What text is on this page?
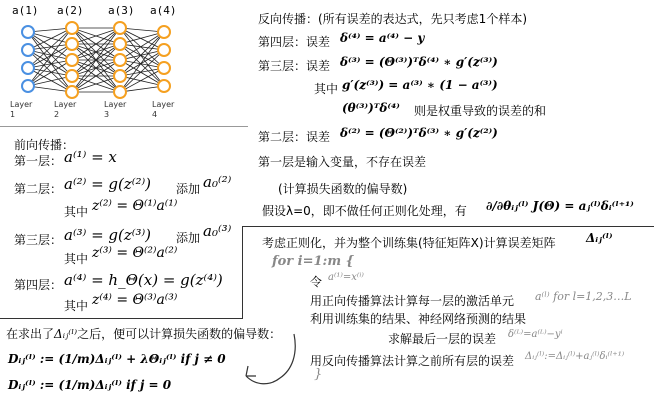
a(1) a(2) a(3) a(4)
Layer
1
Layer
2
Layer
3
Layer
4
前向传播：
第一层： a⁽¹⁾ = x
第二层： a⁽²⁾ = g(z⁽²⁾) 添加 a₀⁽²⁾
其中 z⁽²⁾ = Θ⁽¹⁾a⁽¹⁾
第三层： a⁽³⁾ = g(z⁽³⁾) 添加 a₀⁽³⁾
其中 z⁽³⁾ = Θ⁽²⁾a⁽²⁾
第四层： a⁽⁴⁾ = h_Θ(x) = g(z⁽⁴⁾)
其中 z⁽⁴⁾ = Θ⁽³⁾a⁽³⁾
反向传播：(所有误差的表达式，先只考虑1个样本)
第四层：误差 δ⁽⁴⁾ = a⁽⁴⁾ − y
第三层：误差 δ⁽³⁾ = (Θ⁽³⁾)ᵀδ⁽⁴⁾ ∗ g′(z⁽³⁾)
其中 g′(z⁽³⁾) = a⁽³⁾ ∗ (1 − a⁽³⁾)
(θ⁽³⁾)ᵀδ⁽⁴⁾ 则是权重导致的误差的和
第二层：误差 δ⁽²⁾ = (Θ⁽²⁾)ᵀδ⁽³⁾ ∗ g′(z⁽²⁾)
第一层是输入变量，不存在误差
(计算损失函数的偏导数)
假设λ=0，即不做任何正则化处理，有 ∂/∂θᵢⱼ⁽ˡ⁾ J(Θ) = aⱼ⁽ˡ⁾δᵢ⁽ˡ⁺¹⁾
考虑正则化，并为整个训练集(特征矩阵X)计算误差矩阵	Δᵢⱼ⁽ˡ⁾
for i=1:m {
令 a⁽¹⁾=x⁽ⁱ⁾
用正向传播算法计算每一层的激活单元 a⁽ˡ⁾ for l=1,2,3…L
利用训练集的结果、神经网络预测的结果
求解最后一层的误差 δ⁽ᴸ⁾=a⁽ᴸ⁾−yⁱ
用反向传播算法计算之前所有层的误差 Δᵢⱼ⁽ˡ⁾:=Δᵢⱼ⁽ˡ⁾+aⱼ⁽ˡ⁾δᵢ⁽ˡ⁺¹⁾
}
在求出了Δᵢⱼ⁽ˡ⁾之后，便可以计算损失函数的偏导数：
Dᵢⱼ⁽ˡ⁾ := (1/m)Δᵢⱼ⁽ˡ⁾ + λΘᵢⱼ⁽ˡ⁾ if j ≠ 0
Dᵢⱼ⁽ˡ⁾ := (1/m)Δᵢⱼ⁽ˡ⁾ if j = 0
